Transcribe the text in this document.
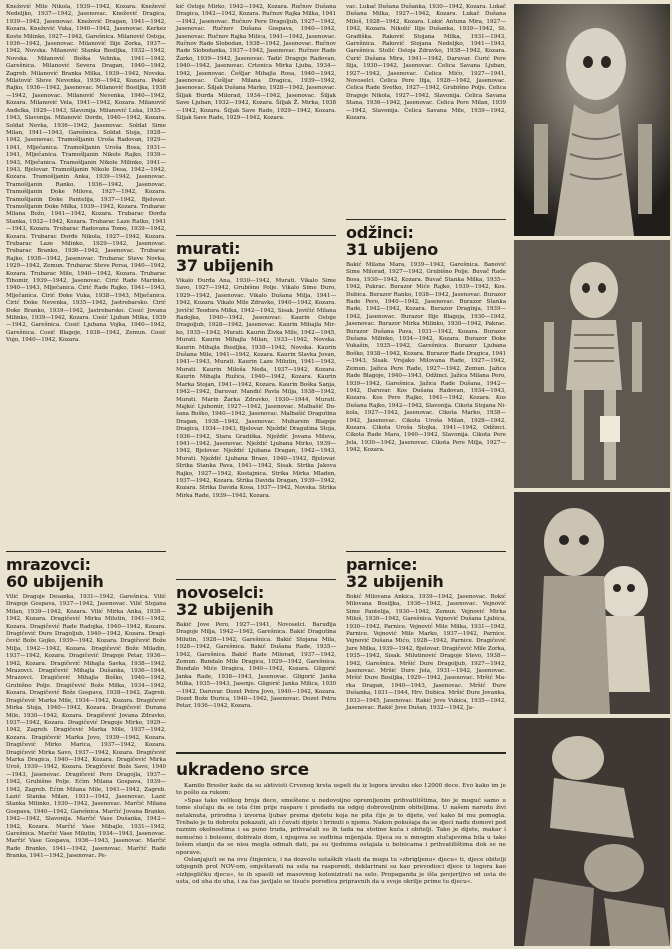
Knežević Mile Nikola, 1939—1942, Kozara. Knežević Nedeljko, 1937—1942, Jasenovac. Knežević Dragica, 1939—1942, Jasenovac. Knežević Dragan, 1941—1942, Kozara. Knežević Vuka, 1940—1942, Jasenovac. Kerkez Koste Milinko, 1927—1942, Garešnica. Milanović Ostoja, 1936—1942, Jasenovac. Milanović Ilije Zorka, 1937—1942, Novska. Milanović Stanka Bosiljka, 1932—1942, Novska. Milanović Boška Velinka, 1941—1942, Garešnica. Milanović Severa Dragan, 1940—1942, Zagreb. Milanović Branka Milka, 1939—1942, Novska. Milatović Steve Nevenka, 1936—1942, Kozara. Pekić Rajko, 1936—1942, Jasenovac. Milanović Bosiljka, 1938—1942, Jasenovac. Milanović Nevenka, 1940—1942, Kozara. Milanović Vela, 1941—1942, Kozara. Milanović Anđelka, 1929—1943, Slavonija. Milanović Luka, 1935—1943, Slavonija. Milanović Dorde, 1940—1942, Kozara. Soldat Nevka, 1936—1942, Jasenovac. Soldat Sime Milan, 1941—1943, Garešnica. Soldat Stoja, 1928—1942, Jasenovac. Tramošljanin Uroša Radovan, 1929—1941, Mlječanica. Tramošljanin Uroša Bosa, 1931—1941, Mlječanica. Tramošljanin Nikole Rajko, 1939—1943, Mlječanica. Tramošljanin Nikole Milinko, 1941—1943, Bjelovar. Tramošljanin Nikole Desa, 1942—1942, Kozara. Tramošljanin Anka, 1939—1942, Jasenovac. Tramošljanin Ranko, 1936—1942, Jasenovac. Tramošljanin Đoke Milova, 1927—1942, Kozara. Tramošljanin Đoke Pantelija, 1937—1942, Bjelovar. Tramošljanin Đoke Milka, 1939—1942, Kozara. Trubarac Milana Božo, 1941—1942, Kozara. Trubarac Đorđa Stanka, 1932—1942, Kozara. Trubarac Laze Ratko, 1941—1943, Kozara. Trubarac Radovana Tomo, 1939—1942, Kozara. Trubarac Đorđe Nikola, 1927—1942, Kozara. Trubarac Laze Milinko, 1929—1942, Jasenovac. Trubarac Branko, 1936—1942, Jasenovac. Trubarac Rajko, 1938—1942, Jasenovac. Trubarac Steve Novka, 1929—1942, Zemun. Trubarac Steve Persa, 1940—1942, Kozara. Trubarac Mile, 1940—1942, Kozara. Trubarac Tihomir, 1939—1942, Jasenovac. Ćirić Rade Marinko, 1940—1943, Mlječanica. Ćirić Rade Rajko, 1941—1943, Mlječanica. Ćirić Đoke Vuka, 1938—1943, Mlječanica. Ćirić Đoke Nevenka, 1935—1942, Jastrebarsko. Ćirić Đoke Branko, 1939—1942, Jastrebarsko. Cosić Jovana Milinko, 1939—1942, Kozara. Cosić Ljuban Milka, 1939—1942, Garešnica. Cosić Ljubana Vojka, 1940—1942, Garešnica. Cosić Blagoje, 1938—1942, Zemun. Cosić Vujo, 1940—1942, Kozara.

mrazovci:
60 ubijenih

Vilić Dragoje Desanka, 1931—1942, Garešnica. Vilić Dragoje Gospava, 1937—1942, Jasenovac. Vilić Stojana Milan, 1939—1942, Kozara. Vilić Mirka Anka, 1938—1942, Kozara. Dragičević Mirka Milutin, 1941—1942, Kozara. Dragičević Rade Radojka, 1940—1942, Kozara. Dragičević Đure Dragoljub, 1940—1942, Kozara. Dragičević Bože Gojko, 1939—1942, Kozara. Dragičević Bože Milja, 1942—1942, Kozara. Dragičević Bože Miladin, 1937—1942, Kozara. Dragičević Dragoje Petar, 1936—1942, Kozara. Dragičević Mihajla Savka, 1938—1942, Mrazovci. Dragičević Mihajla Dušanka, 1936—1944, Mrazovci. Dragičević Mihajla Boško, 1940—1942, Grubišno Polje. Dragičević Bože Milka, 1934—1942, Kozara. Dragičević Bože Gospava, 1938—1942, Zagreb. Dragičević Marka Mile, 1934—1942, Kozara. Dragičević Mirka Stoja, 1940—1942, Kozara. Dragičević Đurana Mile, 1930—1942, Kozara. Dragičević Jovana Zdravko, 1937—1942, Kozara. Dragičević Dragoje Mirko, 1929—1942, Zagreb. Dragičević Marka Mile, 1937—1942, Kozara. Dragičević Marka Jovo, 1939—1942, Kozara. Dragičević Mirko Marica, 1937—1942, Kozara. Dragičević Mirka Savo, 1937—1942, Kozara. Dragičević Marka Dragica, 1940—1942, Kozara. Dragičević Mirka Uroš, 1939—1942, Kozara. Dragičević Bože Savo, 1940—1943, Jasenovac. Dragičević Pero Dragojla, 1937—1942, Grubišno Polje. Ećim Milana Gospava, 1939—1942, Zagreb. Ećim Milana Mile, 1941—1942, Zagreb. Lazić Stanka Milan, 1931—1942, Jasenovac. Lazić Stanka Milinko, 1930—1942, Jasenovac. Marčić Milana Gospava, 1940—1942, Garešnica. Marčić Jovana Branko, 1942—1942, Slavonija. Marčić Vase Dušanka, 1942—1942, Kozara. Marčić Vase Mihajlo, 1931—1942, Garešnica. Marčić Vase Milutin, 1934—1943, Jasenovac. Marčić Vase Gospava, 1936—1943, Jasenovac. Marčić Rade Branko, 1941—1942, Jasenovac. Marčić Rade Branka, 1941—1942, Jasenovac. Pe-

kić Ostoje Mirko, 1942—1942, Kozara. Ručnov Dušana Dragica, 1942—1942, Kozara. Ručnov Rajka Milka, 1941—1942, Jasenovac. Ručnov Pere Dragoljub, 1927—1942, Jasenovac. Ručnov Dušana Gospava, 1940—1942, Jasenovac. Ručnov Rajka Milica, 1941—1942, Jasenovac. Ručnov Rade Slobodan, 1938—1942, Jasenovac. Ručnov Rade Slobodanka, 1937—1942, Jasenovac. Ručnov Rade Žarko, 1939—1942, Jasenovac. Tadić Dragoje Radovan, 1940—1942, Jasenovac. Crtenica Mirka Ljuba, 1934—1942, Jasenovac. Češljar Mihajla Rosa, 1940—1942, Jasenovac. Češljar Milana Dragica, 1939—1942, Jasenovac. Šiljak Dušana Marko, 1928—1942, Jasenovac. Šiljak Đurđa Milorad, 1934—1942, Jasenovac. Šiljak Save Ljuban, 1932—1942, Kozara. Šiljak Ž. Mirka, 1938—1942, Kozara. Šiljak Save Rade, 1929—1942, Kozara. Šiljak Save Rade, 1929—1942, Kozara.

murati:
37 ubijenih

Vikalo Đurđa Ana, 1930—1942, Murati. Vikalo Sime Savo, 1927—1942, Grubišno Polje. Vikalo Sime Đuro, 1929—1942, Jasenovac. Vikalo Dušana Milja, 1941—1942, Kozara. Vikalo Mile Zdravko, 1940—1942, Kozara. Jovičić Teodora Milka, 1942—1942, Sisak. Jovičić Milana Radojka, 1940—1942, Jasenovac. Kaurin Ostoje Dragoljub, 1928—1942, Jasenovac. Kaurin Mihajla Mirko, 1935—1942, Murati. Kaurin Živka Mile, 1942—1945, Murati. Kaurin Mihajla Milan, 1933—1942, Novska. Kaurin Mihajla Bosiljka, 1938—1942, Novska. Kaurin Dušana Mile, 1941—1942, Kozara. Kaurin Slavka Jovan, 1941—1943, Murati. Kaurin Laze Milutin, 1941—1942, Murati. Kaurin Miloša Neđa, 1937—1942, Kozara. Kaurin Mihajla Ružica, 1940—1942, Kozara. Kaurin Marka Stojan, 1941—1942, Kozara. Kaurin Boška Sanja, 1942—1942, Daruvar. Mandić Pavla Milja, 1938—1942, Murati. Marin Žarka Zdravko, 1930—1944, Murati. Majkić Ljubomir, 1927—1942, Jasenovac. Malbašić Dušana Boško, 1940—1942, Jasenovac. Malbašić Dragutina Dragan, 1938—1942, Jasenovac. Muharem Blagoje Dragica, 1934—1943, Bjelovar. Nježdić Dragutina Stoja, 1936—1942, Stara Gradiška. Nježdić Jovana Mileva, 1941—1942, Jasenovac. Nježdić Ljubana Mirko, 1939—1942, Bjelovar. Nježdić Ljubana Dragan, 1942—1943, Murati. Nježdić Ljubana Brazo, 1940—1942, Bjelovar. Strika Stanka Pava, 1941—1942, Sisak. Strika Jakova Rajko, 1927—1942, Kostajnica. Strika Mirka Mladen, 1937—1942, Kozara. Strika Davida Dragan, 1939—1942, Kozara. Strika Davida Kosa, 1937—1942, Novska. Strika Mirka Rade, 1939—1942, Kozara.

novoselci:
32 ubijenih

Bakić Jove Pero, 1927—1941, Novoselci. Baruđija Dragoje Milja, 1942—1942, Garešnica. Bakić Dragutina Milutin, 1928—1942, Garešnica. Bakić Stojana Mila, 1928—1942, Garešnica. Bakić Dušana Rade, 1935—1942, Garešnica. Bakić Rade Milorad, 1937—1942, Zemun. Bundalo Mile Dragica, 1929—1942, Garešnica. Bundalo Miće Dragica, 1940—1942, Kozara. Gligorić Janka Rade, 1938—1943, Jasenovac. Gligorić Janka Milka, 1935—1943, Jasenje. Gligorić Janka Milica, 1930—1942, Daruvar. Dozet Petra Jovo, 1940—1942, Kozara. Dozet Bože Đurica, 1940—1942, Jasenovac. Dozet Petra Petar, 1936—1942, Kozara.

vac. Lukač Dušana Dušanka, 1930—1942, Kozara. Lukač Dušana Milka, 1927—1942, Kozara. Lukač Dušana Miloš, 1928—1942, Kozara. Lukić Antuna Mira, 1927—1942, Kozara. Nikolić Ilije Dušanka, 1939—1942, St. Gradiška. Raković Stojana Milka, 1931—1943, Garešnica. Raković Stojana Nedeljko, 1941—1943, Garešnica. Stolić Ostoja Zdravko, 1938—1942, Kozara. Ćurić Dušana Mira, 1941—1942, Daruvar. Ćurić Pere Ilija, 1930—1942, Jasenovac. Ćelica Savana Ljuban, 1927—1942, Jasenovac. Ćelica Mićo, 1927—1941, Novoselci. Ćelica Pere Ilija, 1928—1942, Jasenovac. Ćelica Rade Svetko, 1927—1942, Grubišno Polje. Ćelica Dragoje Nikola, 1927—1942, Slavonija. Ćelica Savana Stana, 1936—1942, Jasenovac. Ćelica Pere Milan, 1939—1942, Slavonija. Ćelica Savana Mile, 1939—1942, Kozara.

odžinci:
31 ubijeno

Bakić Milana Mara, 1939—1942, Garešnica. Banović Sime Milorad, 1927—1942, Grubišno Polje. Buvač Rade Bosa, 1930—1942, Kozara. Buvač Stanka Milka, 1935—1942, Pakrac. Burazor Miće Rajko, 1939—1942, Kos. Dubica. Burazor Ranko, 1938—1942, Jasenovac. Burazor Rade Pero, 1940—1942, Jasenovac. Burazor Stanka Rade, 1942—1942, Kozara. Burazor Draginja, 1939—1942, Jasenovac. Burazor Ilije Blagoja, 1930—1942, Jasenovac. Burazor Mirka Milinko, 1930—1942, Pakrac. Burazor Dušana Pava, 1931—1942, Kozara. Burazor Dušana Milinko, 1934—1942, Kozara. Burazor Đoke Vukašin, 1935—1942, Garešnica. Burazor Ljubana Boško, 1938—1942, Kozara. Burazor Rade Dragica, 1941—1943, Sisak. Vrsjako Milovana Rade, 1927—1942, Zemun. Jažica Pere Rade, 1927—1942, Zemun. Jažica Rade Blagoje, 1940—1943, Odžinci. Jažica Milana Pero, 1939—1942, Garešnica. Jažica Rade Dušana, 1942—1942, Daruvar. Kos Dušana Radovan, 1934—1943, Kozara. Kos Pere Rajko, 1941—1942, Kozara. Kos Dušana Rajko, 1942—1942, Slavonija. Cikota Stojana Nikola, 1927—1942, Jasenovac. Cikota Marko, 1938—1942, Jasenovac. Cikota Uroša Milan, 1928—1942, Kozara. Cikota Uroša Stojka, 1941—1942, Odžinci. Cikota Rade Mara, 1940—1942, Slavonija. Cikota Pere Jela, 1930—1942, Jasenovac. Cikota Pere Milja, 1927—1942, Kozara.

parnice:
32 ubijenih

Bokić Milovana Ankica, 1939—1942, Jasenovac. Bokić Milovana Bosiljka, 1936—1942, Jasenovac. Vejnović Sime Pantelija, 1930—1942, Zemun. Vejnović Mirka Miloš, 1930—1942, Garešnica. Vejnović Dušana Ljubica, 1930—1942, Parnice. Vejnović Mile Milka, 1931—1942, Parnice. Vejnović Mile Marko, 1937—1942, Parnice. Vejnović Dušana Mićo, 1928—1942, Parnice. Dragičević Jure Milka, 1939—1942, Bjelovar. Dragičević Mile Zorka, 1935—1942, Sisak. Milutinović Dragoje Stevo, 1938—1942, Garešnica. Mršić Dure Dragoljub, 1927—1942, Jasenovac. Mršić Dure Jela, 1931—1942, Jasenovac. Mršić Đure Bosiljka, 1929—1942, Jasenovac. Mršić Marka Dragan, 1940—1943, Jasenovac. Mršić Đure Dušanka, 1931—1944, Hrv. Dubica. Mršić Đure Jovanka, 1933—1945, Jasenovac. Rakić Jove Vukica, 1935—1942, Jasenovac. Rakić Jove Dušan, 1932—1942, Ja-

ukradeno srce

Kamilo Bresler kaže da su aktivisti Crvenog krsta uspeli da iz logora izvuku oko 12000 dece. Evo kako im je to pošlo za rukom:

»Spas tako velikog broja dece, smeštene u nedovoljno opremljenim prihvatilištima, bio je moguć samo u tome slučaju da se ista čim prije raspare i predadu na odgoj dobrovoljnim obiteljima. U našem narodu živi netaknuta, prirodna i izvorna ljubav prema djetetu koja ne pita čije je to dijete, već kako bi mu pomogla. Trebalo je tu dobrotu pokazati, ali i čuvati dijete i brinuti o njemu. Nakon pokušaja da se djeci nađu domovi pod raznim okolnostima i sa puno truda, prihvaćali su ih tada na stotine kuća i obitelji. Tako je dijete, makar i nemoćno i bolesno, dobivalo dom, i njegova se sudbina mijenjala. Djeca su u mnogim slučajevima bila u tako lošem stanju da se nisu mogla odmah dati, pa su tjednima ostajala u bolnicama i prihvatilištima dok se ne oporave.

Oslanjajući se na ovu činjenicu, i na dozvolu ustaških vlasti da mogu tu »zbrigljenu« djecu« ti, djece obitelji izbjegnih prol NOV-om, smještavati na sela na rasporedi, deklarirani su kao prevodioci djece iz logora kao »izbjegličku djecu«, te ih spasili od masovnog kolonizirati na selo. Propaganda je išla povjerljivo od usta do usta, od uha do uha, i za čas javljalo se tisuće porodica pripravnih da u svoje okrilje prime tu djecu«.
